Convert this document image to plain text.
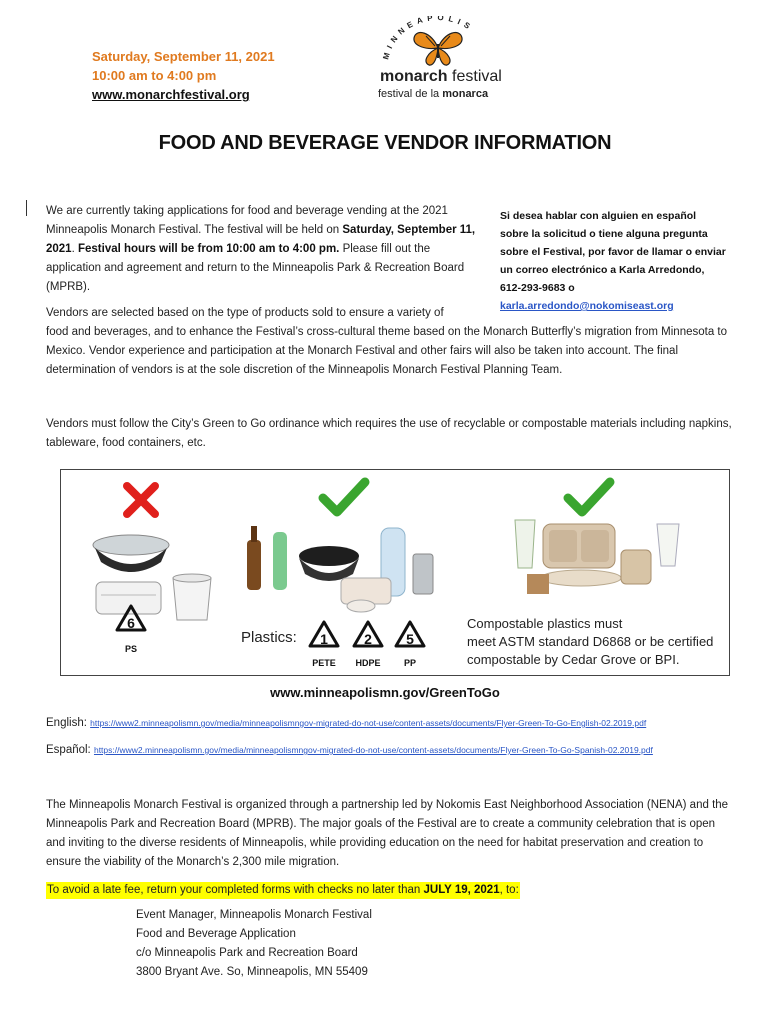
Saturday, September 11, 2021
10:00 am to 4:00 pm
www.monarchfestival.org
MINNEAPOLIS
monarch festival
festival de la monarca
FOOD AND BEVERAGE VENDOR INFORMATION
We are currently taking applications for food and beverage vending at the 2021 Minneapolis Monarch Festival. The festival will be held on Saturday, September 11, 2021. Festival hours will be from 10:00 am to 4:00 pm. Please fill out the application and agreement and return to the Minneapolis Park & Recreation Board (MPRB).
Si desea hablar con alguien en español sobre la solicitud o tiene alguna pregunta sobre el Festival, por favor de llamar o enviar un correo electrónico a Karla Arredondo, 612-293-9683 o
karla.arredondo@nokomiseast.org
Vendors are selected based on the type of products sold to ensure a variety of
food and beverages, and to enhance the Festival’s cross-cultural theme based on the Monarch Butterfly’s migration from Minnesota to Mexico. Vendor experience and participation at the Monarch Festival and other fairs will also be taken into account. The final determination of vendors is at the sole discretion of the Minneapolis Monarch Festival Planning Team.
Vendors must follow the City’s Green to Go ordinance which requires the use of recyclable or compostable materials including napkins, tableware, food containers, etc.
6
PS
Plastics: 1
PETE
2
HDPE
5
PP
Compostable plastics must meet ASTM standard D6868 or be certified compostable by Cedar Grove or BPI.
www.minneapolismn.gov/GreenToGo
English: https://www2.minneapolismn.gov/media/minneapolismngov-migrated-do-not-use/content-assets/documents/Flyer-Green-To-Go-English-02.2019.pdf
Español: https://www2.minneapolismn.gov/media/minneapolismngov-migrated-do-not-use/content-assets/documents/Flyer-Green-To-Go-Spanish-02.2019.pdf
The Minneapolis Monarch Festival is organized through a partnership led by Nokomis East Neighborhood Association (NENA) and the Minneapolis Park and Recreation Board (MPRB). The major goals of the Festival are to create a community celebration that is open and inviting to the diverse residents of Minneapolis, while providing education on the need for habitat preservation and creation to ensure the viability of the Monarch’s 2,300 mile migration.
To avoid a late fee, return your completed forms with checks no later than JULY 19, 2021, to:
Event Manager, Minneapolis Monarch Festival
Food and Beverage Application
c/o Minneapolis Park and Recreation Board
3800 Bryant Ave. So, Minneapolis, MN 55409
